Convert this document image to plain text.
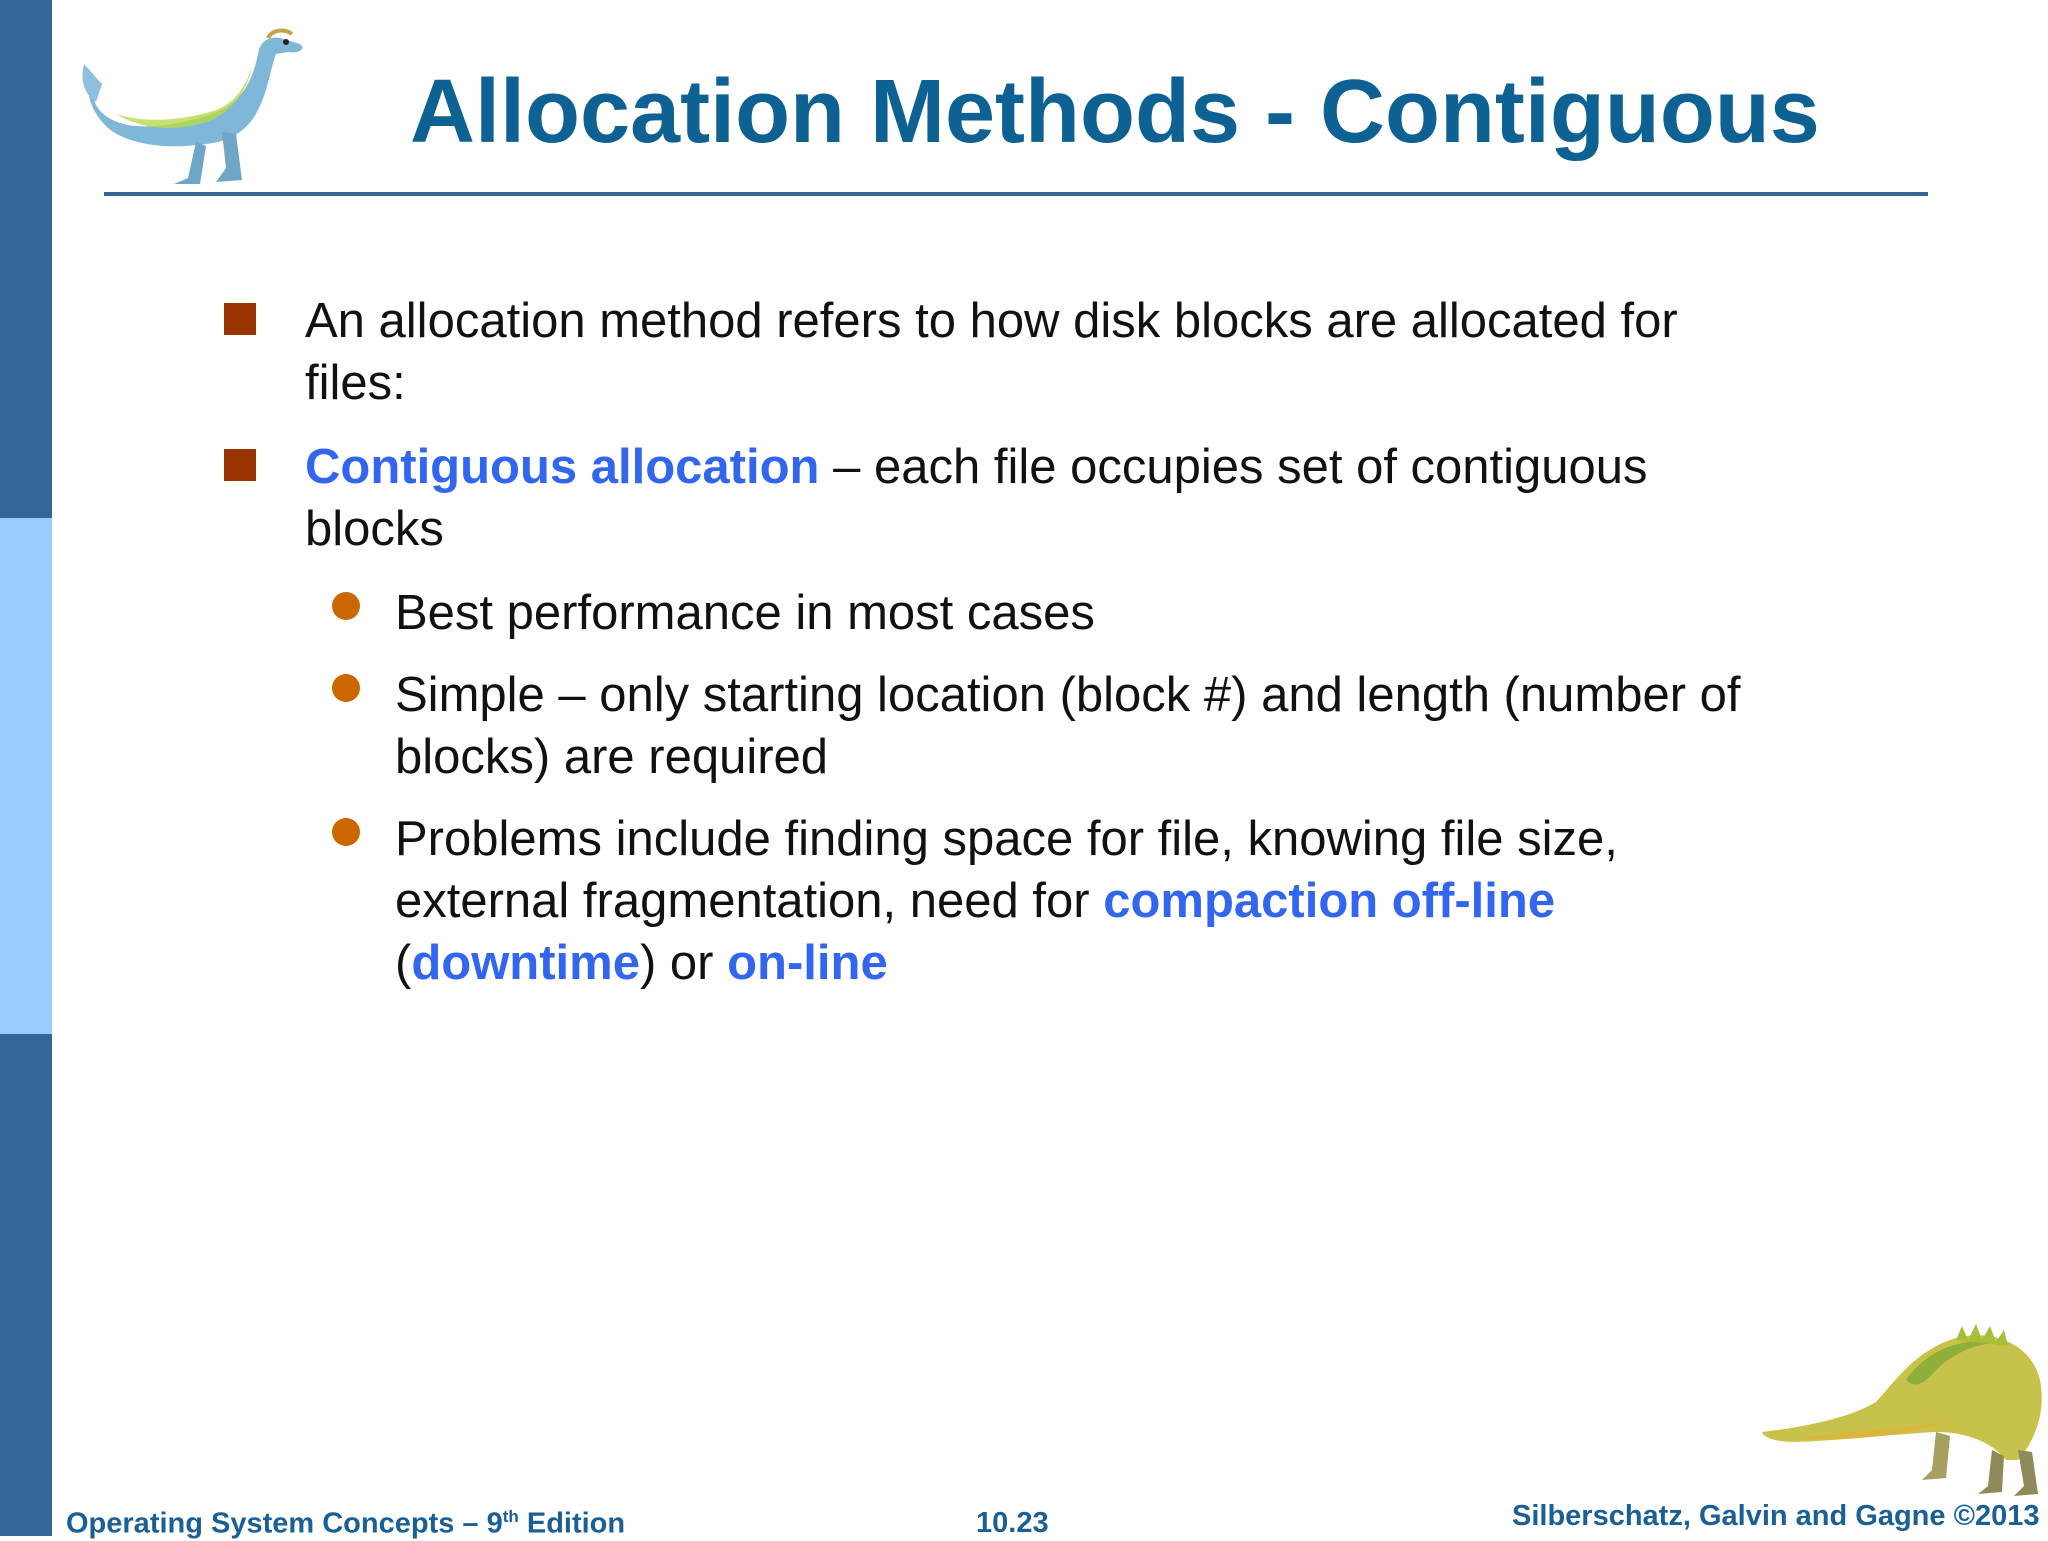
Allocation Methods - Contiguous
An allocation method refers to how disk blocks are allocated for files:
Contiguous allocation – each file occupies set of contiguous blocks
Best performance in most cases
Simple – only starting location (block #) and length (number of blocks) are required
Problems include finding space for file, knowing file size, external fragmentation, need for compaction off-line (downtime) or on-line
Operating System Concepts – 9th Edition	10.23	Silberschatz, Galvin and Gagne ©2013
